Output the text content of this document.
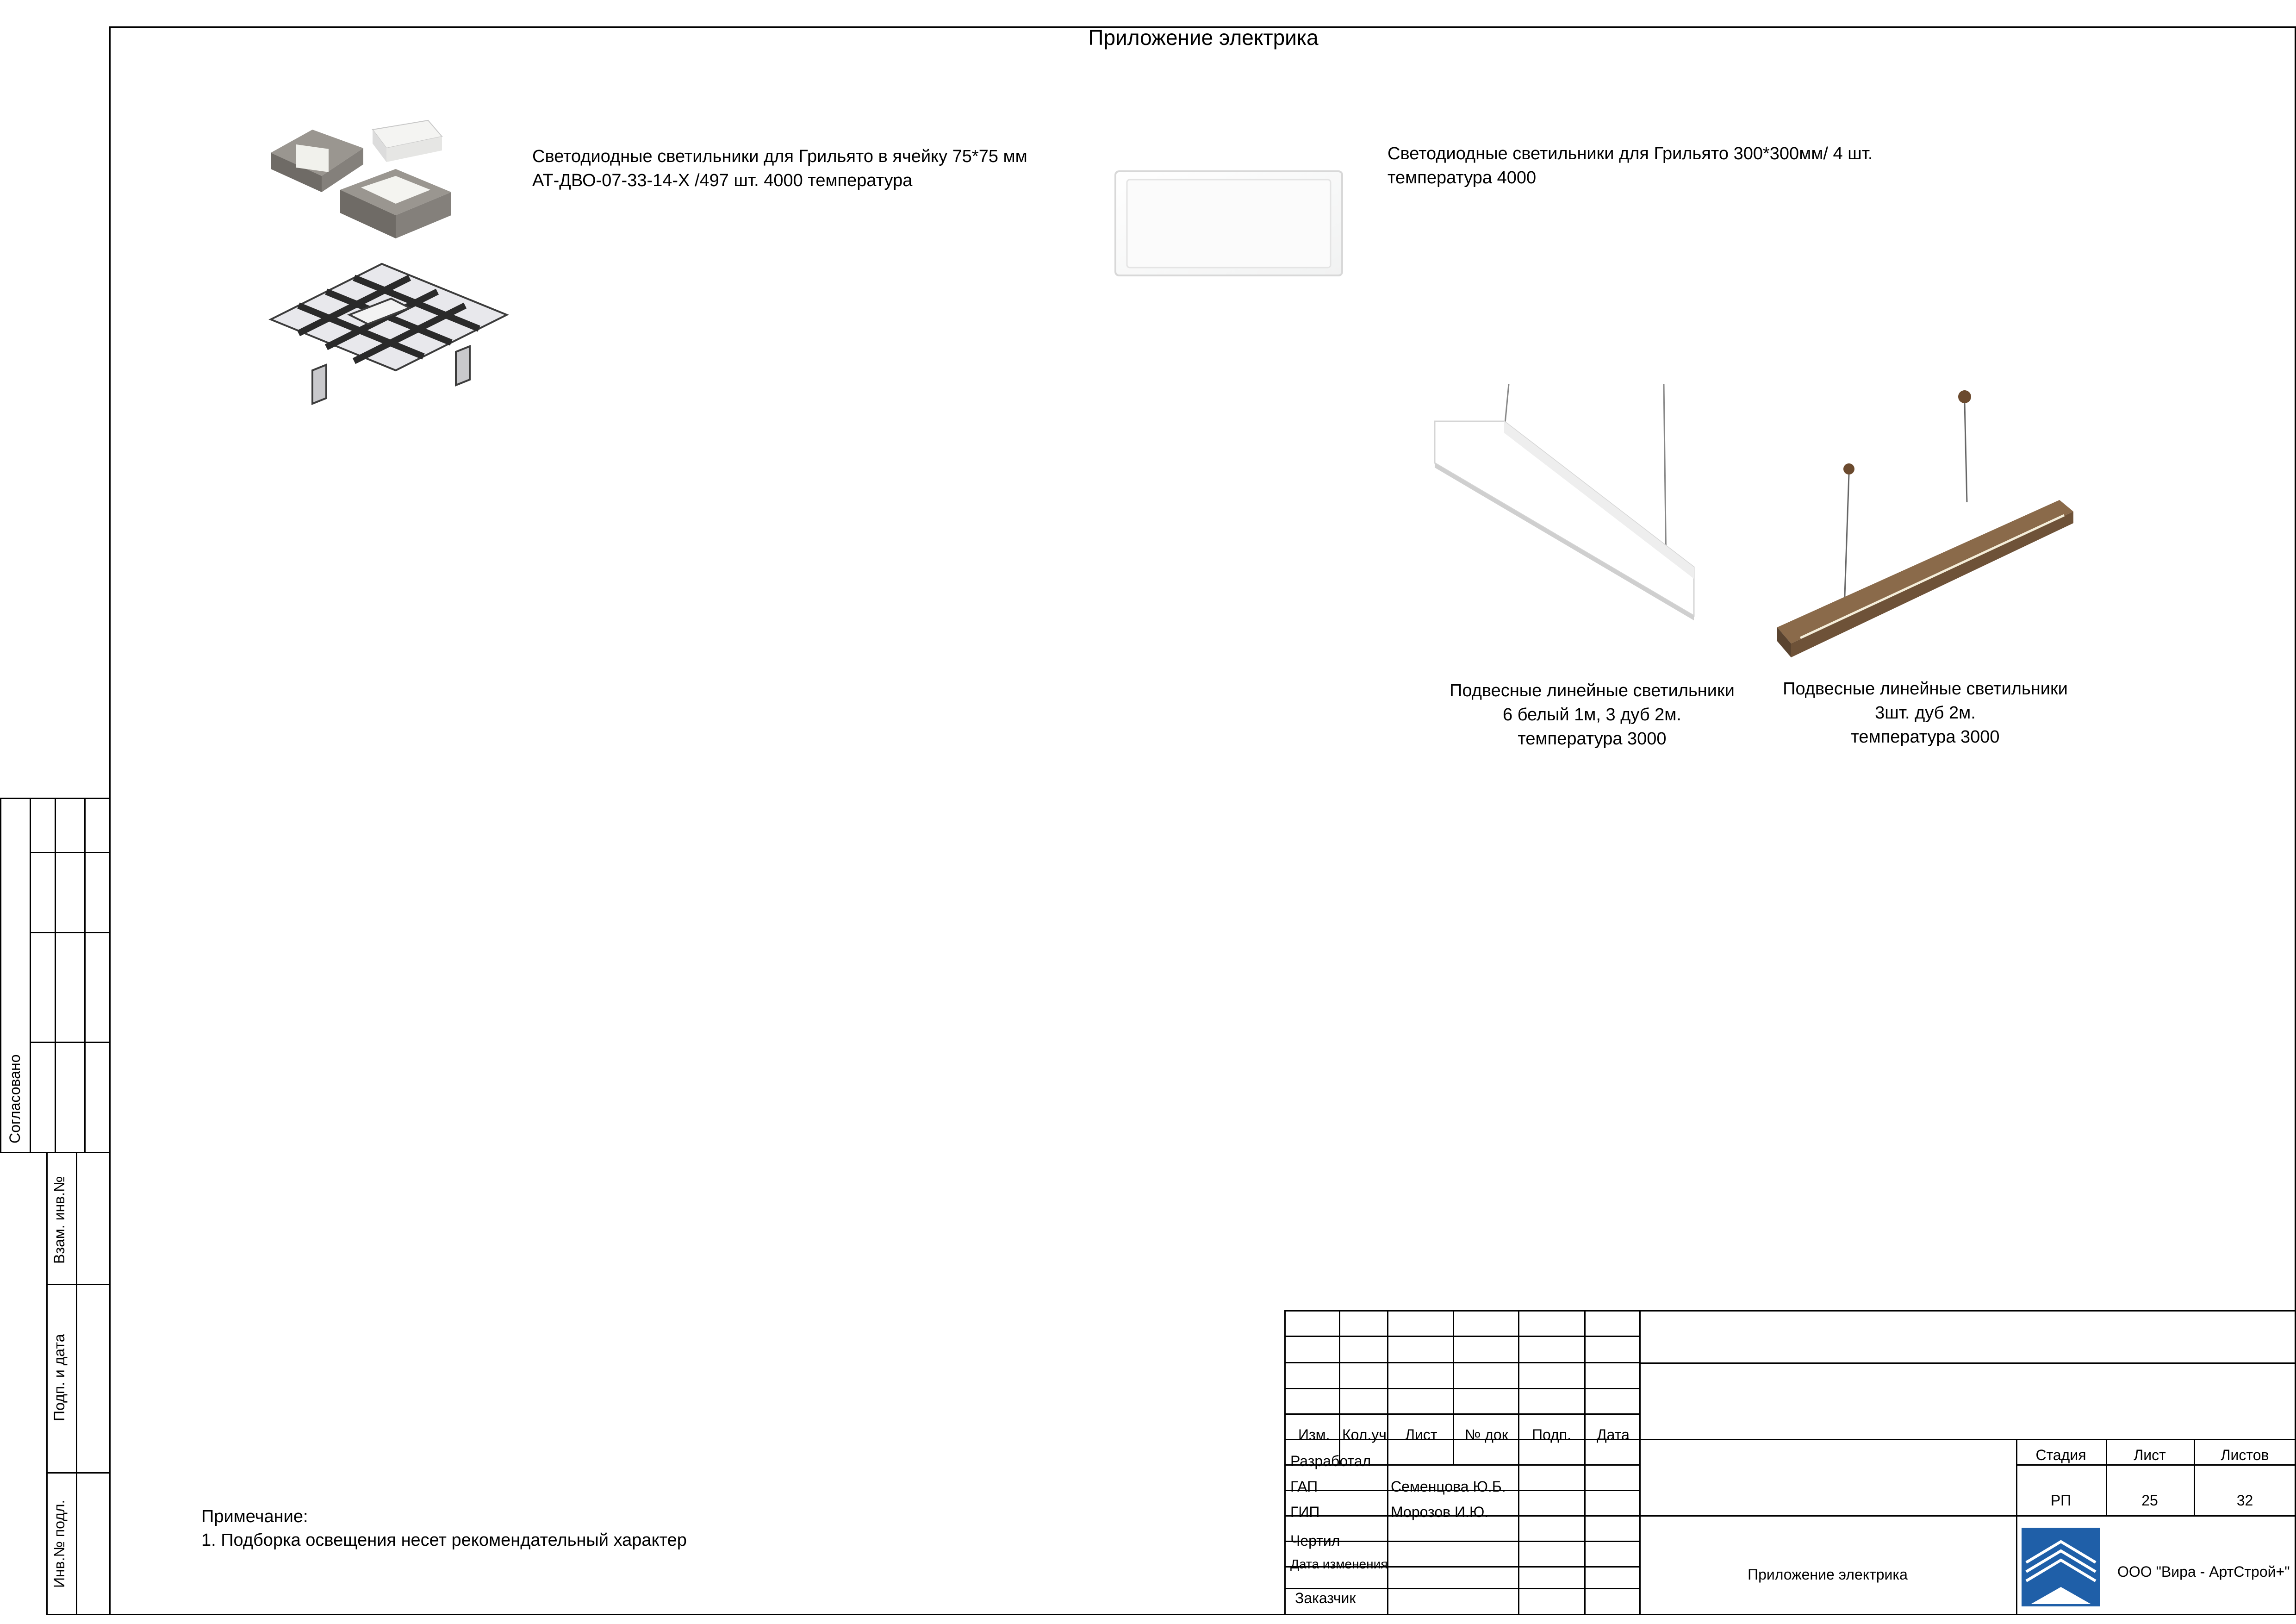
Приложение электрика
Светодиодные светильники для Грильято в ячейку 75*75 мм
АТ-ДВО-07-33-14-Х /497 шт. 4000 температура
Светодиодные светильники для Грильято 300*300мм/ 4 шт.
температура 4000
Подвесные линейные светильники
6 белый 1м, 3 дуб 2м.
температура 3000
Подвесные линейные светильники
3шт. дуб 2м.
температура 3000
Примечание:
1. Подборка освещения несет рекомендательный характер
Согласовано
Взам. инв.№
Подп. и дата
Инв.№ подл.
Изм. Кол.уч Лист № док Подп. Дата
Разработал
ГАП	Семенцова Ю.Б.
ГИП	Морозов И.Ю.
Чертил
Дата изменения
Заказчик
Стадия	Лист	Листов
РП	25	32
Приложение электрика	ООО "Вира - АртСтрой+"
